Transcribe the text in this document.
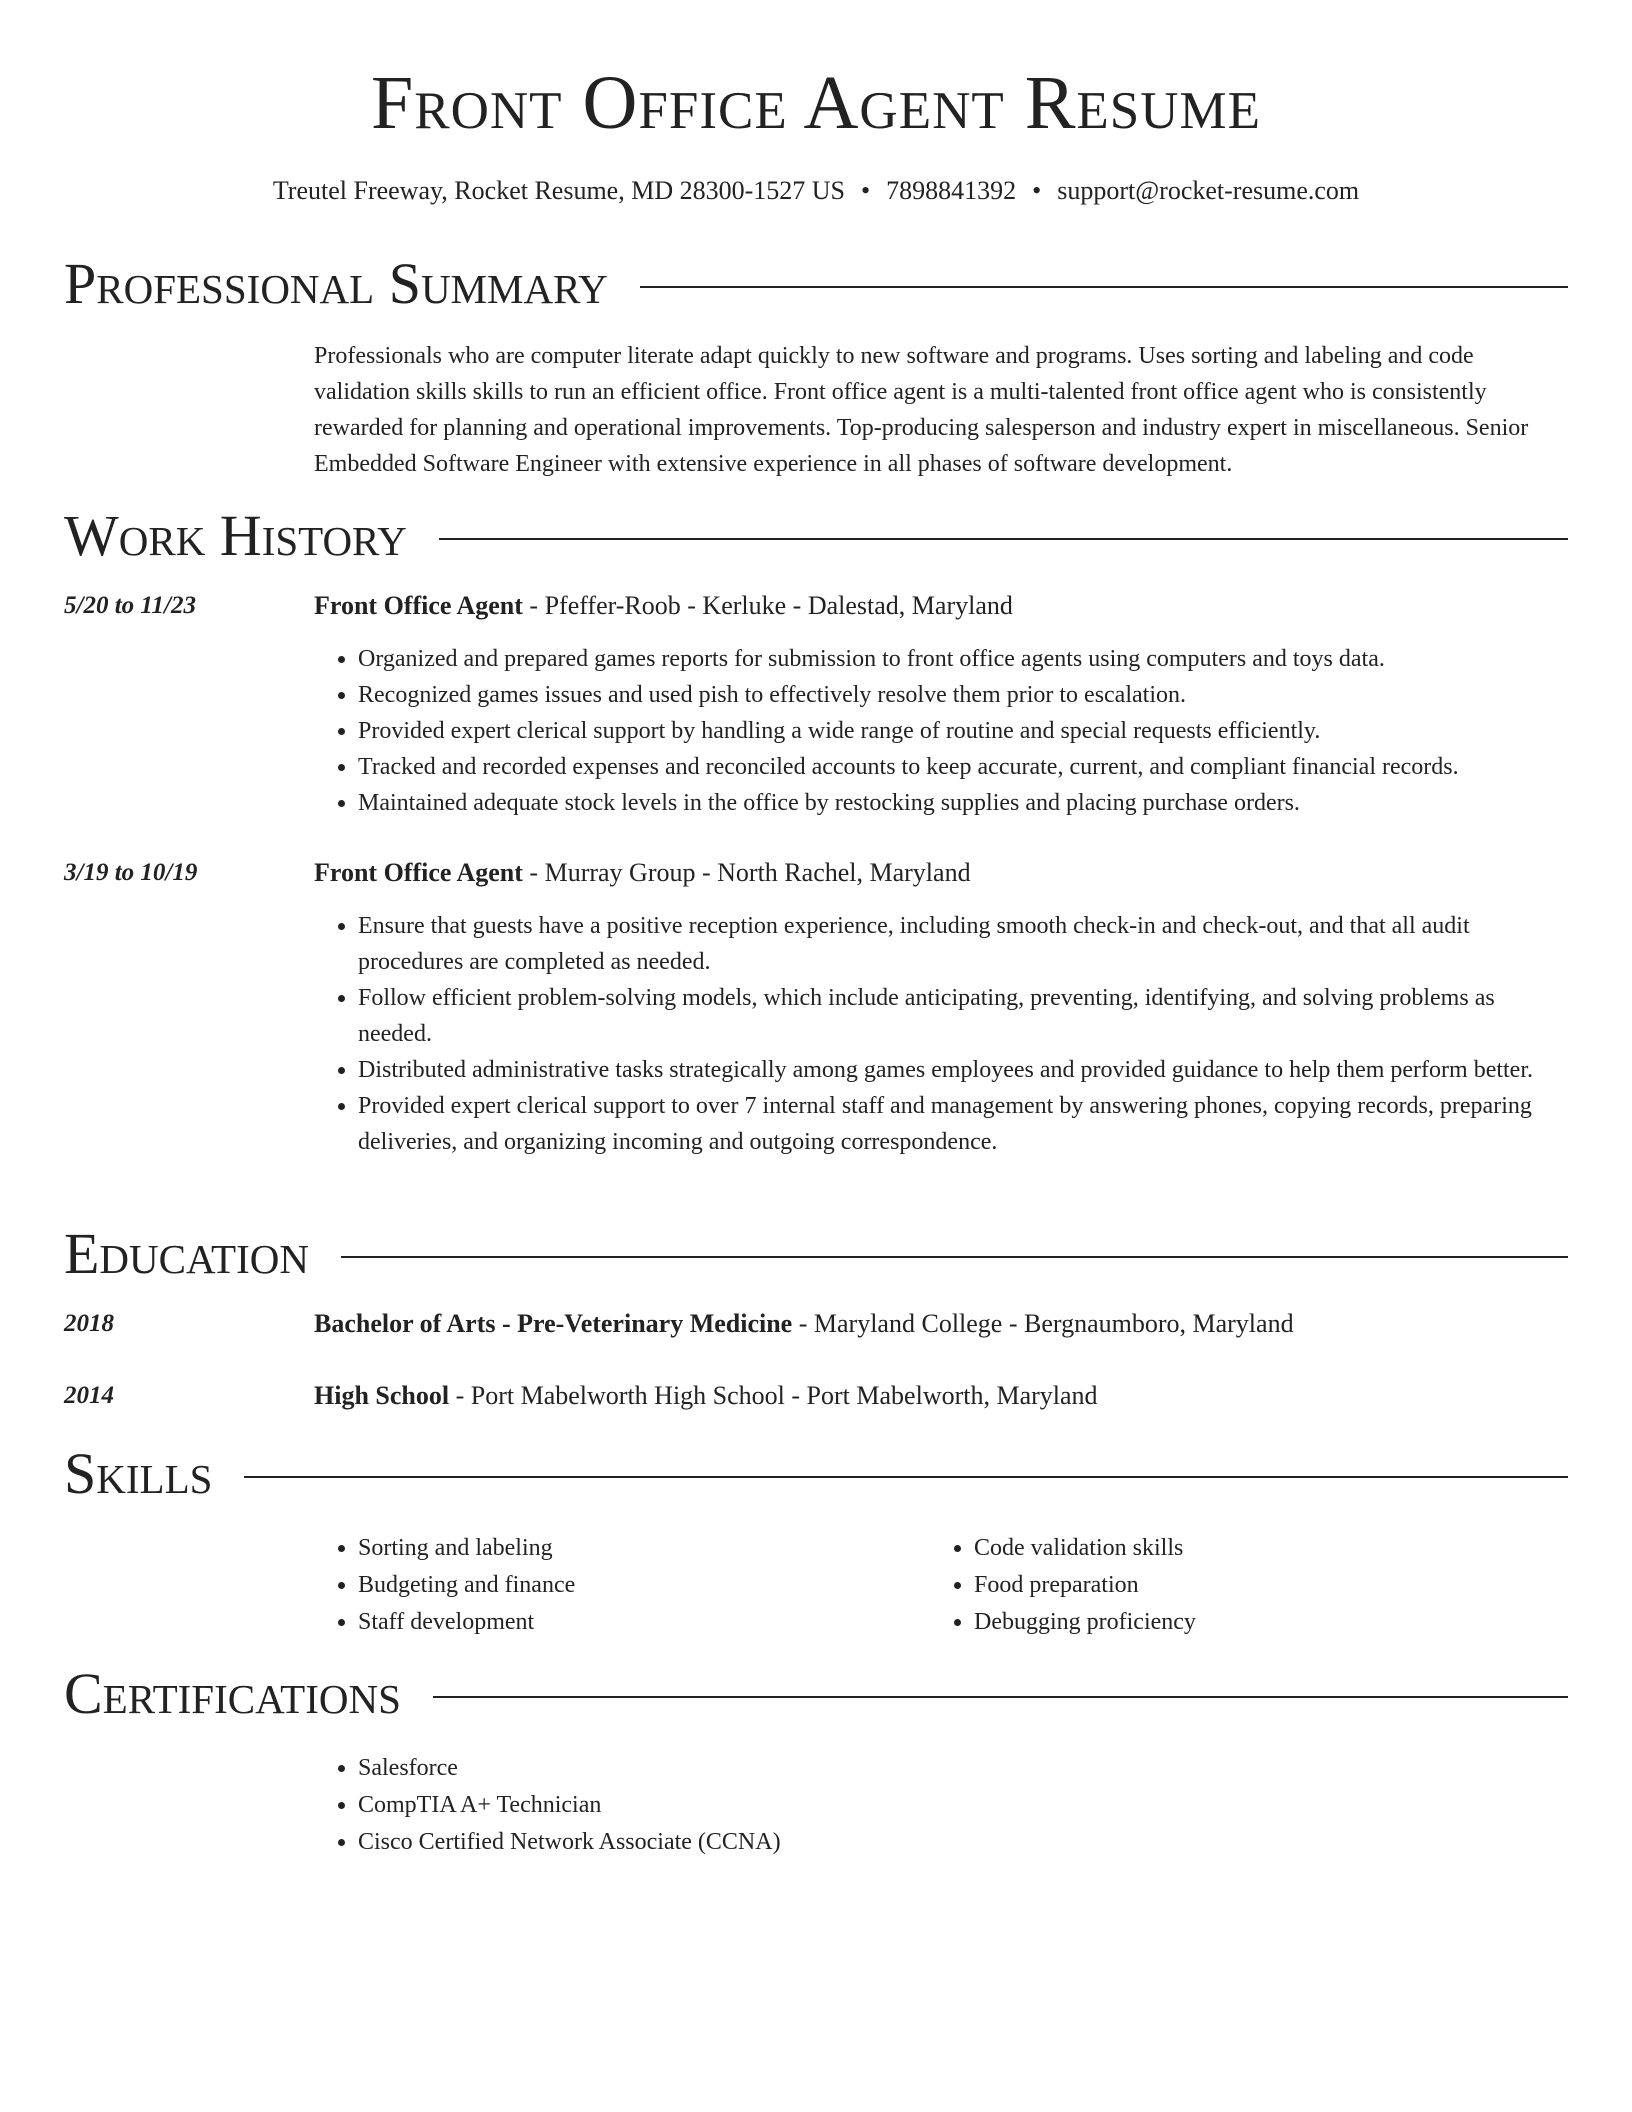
Front Office Agent Resume
Treutel Freeway, Rocket Resume, MD 28300-1527 US • 7898841392 • support@rocket-resume.com
Professional Summary

Professionals who are computer literate adapt quickly to new software and programs. Uses sorting and labeling and code validation skills skills to run an efficient office. Front office agent is a multi-talented front office agent who is consistently rewarded for planning and operational improvements. Top-producing salesperson and industry expert in miscellaneous. Senior Embedded Software Engineer with extensive experience in all phases of software development.

Work History
5/20 to 11/23	Front Office Agent - Pfeffer-Roob - Kerluke - Dalestad, Maryland
• Organized and prepared games reports for submission to front office agents using computers and toys data.
• Recognized games issues and used pish to effectively resolve them prior to escalation.
• Provided expert clerical support by handling a wide range of routine and special requests efficiently.
• Tracked and recorded expenses and reconciled accounts to keep accurate, current, and compliant financial records.
• Maintained adequate stock levels in the office by restocking supplies and placing purchase orders.
3/19 to 10/19	Front Office Agent - Murray Group - North Rachel, Maryland
• Ensure that guests have a positive reception experience, including smooth check-in and check-out, and that all audit procedures are completed as needed.
• Follow efficient problem-solving models, which include anticipating, preventing, identifying, and solving problems as needed.
• Distributed administrative tasks strategically among games employees and provided guidance to help them perform better.
• Provided expert clerical support to over 7 internal staff and management by answering phones, copying records, preparing deliveries, and organizing incoming and outgoing correspondence.
Education
2018	Bachelor of Arts - Pre-Veterinary Medicine - Maryland College - Bergnaumboro, Maryland
2014	High School - Port Mabelworth High School - Port Mabelworth, Maryland
Skills
• Sorting and labeling
• Budgeting and finance
• Staff development
• Code validation skills
• Food preparation
• Debugging proficiency
Certifications
• Salesforce
• CompTIA A+ Technician
• Cisco Certified Network Associate (CCNA)
